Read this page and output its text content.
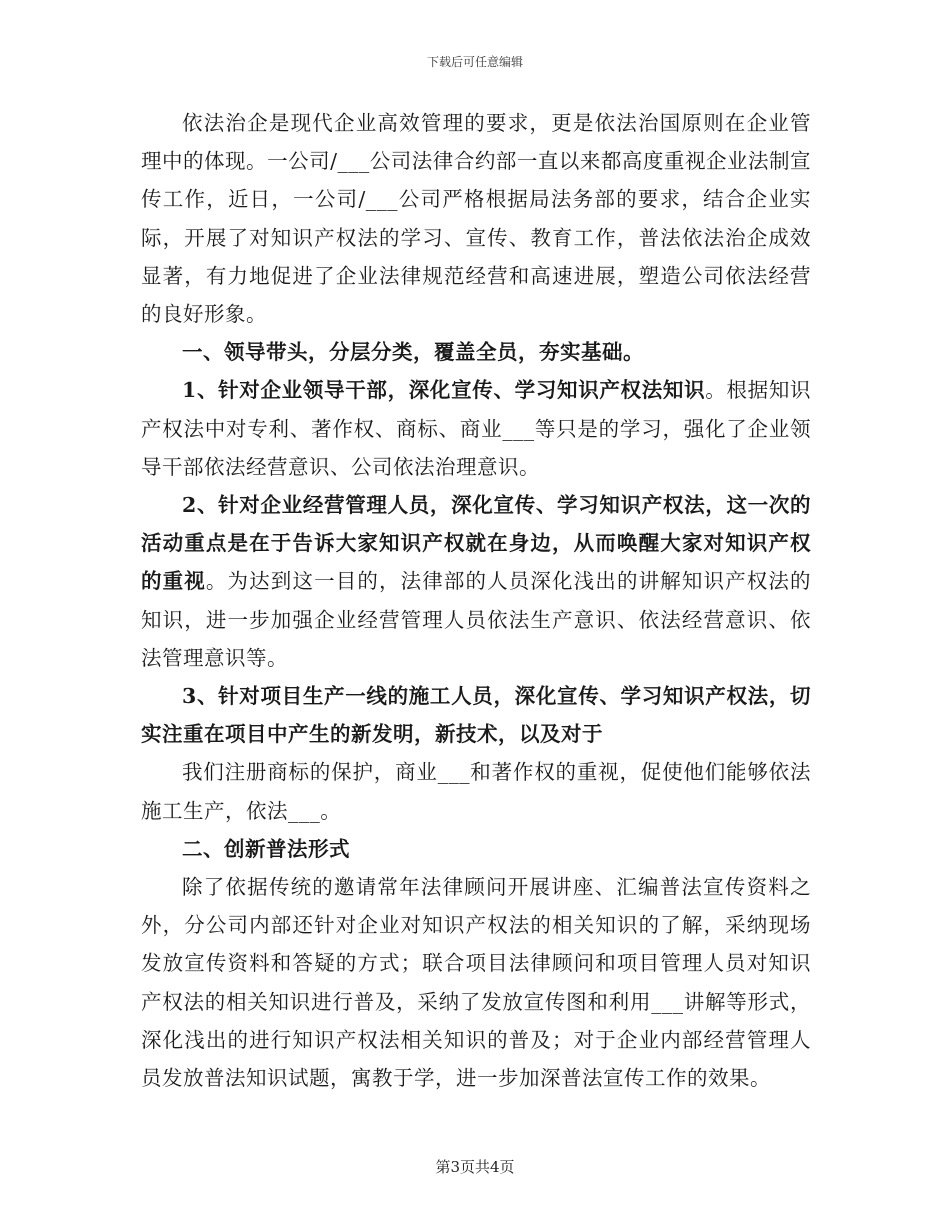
下载后可任意编辑

依法治企是现代企业高效管理的要求，更是依法治国原则在企业管理中的体现。一公司/___公司法律合约部一直以来都高度重视企业法制宣传工作，近日，一公司/___公司严格根据局法务部的要求，结合企业实际，开展了对知识产权法的学习、宣传、教育工作，普法依法治企成效显著，有力地促进了企业法律规范经营和高速进展，塑造公司依法经营的良好形象。

一、领导带头，分层分类，覆盖全员，夯实基础。

1、针对企业领导干部，深化宣传、学习知识产权法知识。根据知识产权法中对专利、著作权、商标、商业___等只是的学习，强化了企业领导干部依法经营意识、公司依法治理意识。

2、针对企业经营管理人员，深化宣传、学习知识产权法，这一次的活动重点是在于告诉大家知识产权就在身边，从而唤醒大家对知识产权的重视。为达到这一目的，法律部的人员深化浅出的讲解知识产权法的知识，进一步加强企业经营管理人员依法生产意识、依法经营意识、依法管理意识等。

3、针对项目生产一线的施工人员，深化宣传、学习知识产权法，切实注重在项目中产生的新发明，新技术，以及对于

我们注册商标的保护，商业___和著作权的重视，促使他们能够依法施工生产，依法___。

二、创新普法形式

除了依据传统的邀请常年法律顾问开展讲座、汇编普法宣传资料之外，分公司内部还针对企业对知识产权法的相关知识的了解，采纳现场发放宣传资料和答疑的方式；联合项目法律顾问和项目管理人员对知识产权法的相关知识进行普及，采纳了发放宣传图和利用___讲解等形式，深化浅出的进行知识产权法相关知识的普及；对于企业内部经营管理人员发放普法知识试题，寓教于学，进一步加深普法宣传工作的效果。

第3页共4页
